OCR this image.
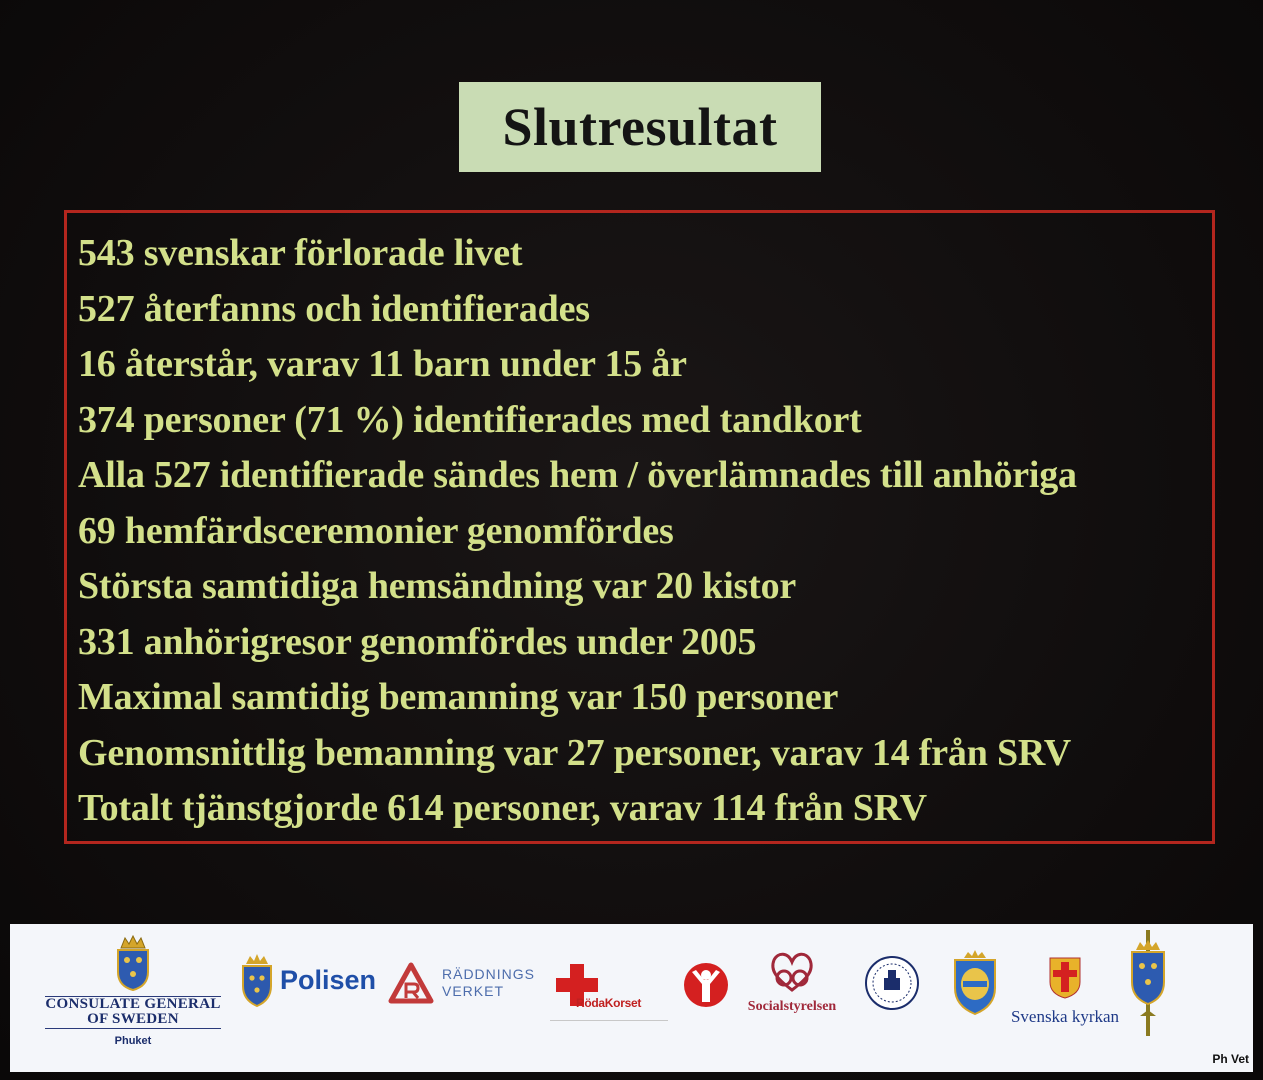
Slutresultat
543 svenskar förlorade livet
527 återfanns och identifierades
16 återstår, varav 11 barn under 15 år
374 personer (71 %) identifierades med tandkort
Alla 527 identifierade sändes hem / överlämnades till anhöriga
69 hemfärdsceremonier genomfördes
Största samtidiga hemsändning var 20 kistor
331 anhörigresor genomfördes under 2005
Maximal samtidig bemanning var 150 personer
Genomsnittlig bemanning var 27 personer, varav 14 från SRV
Totalt tjänstgjorde 614 personer, varav 114 från SRV
CONSULATE GENERAL
OF SWEDEN
Phuket
Polisen	RÄDDNINGS
VERKET
RödaKorset	Socialstyrelsen
Svenska kyrkan
Ph Vet
